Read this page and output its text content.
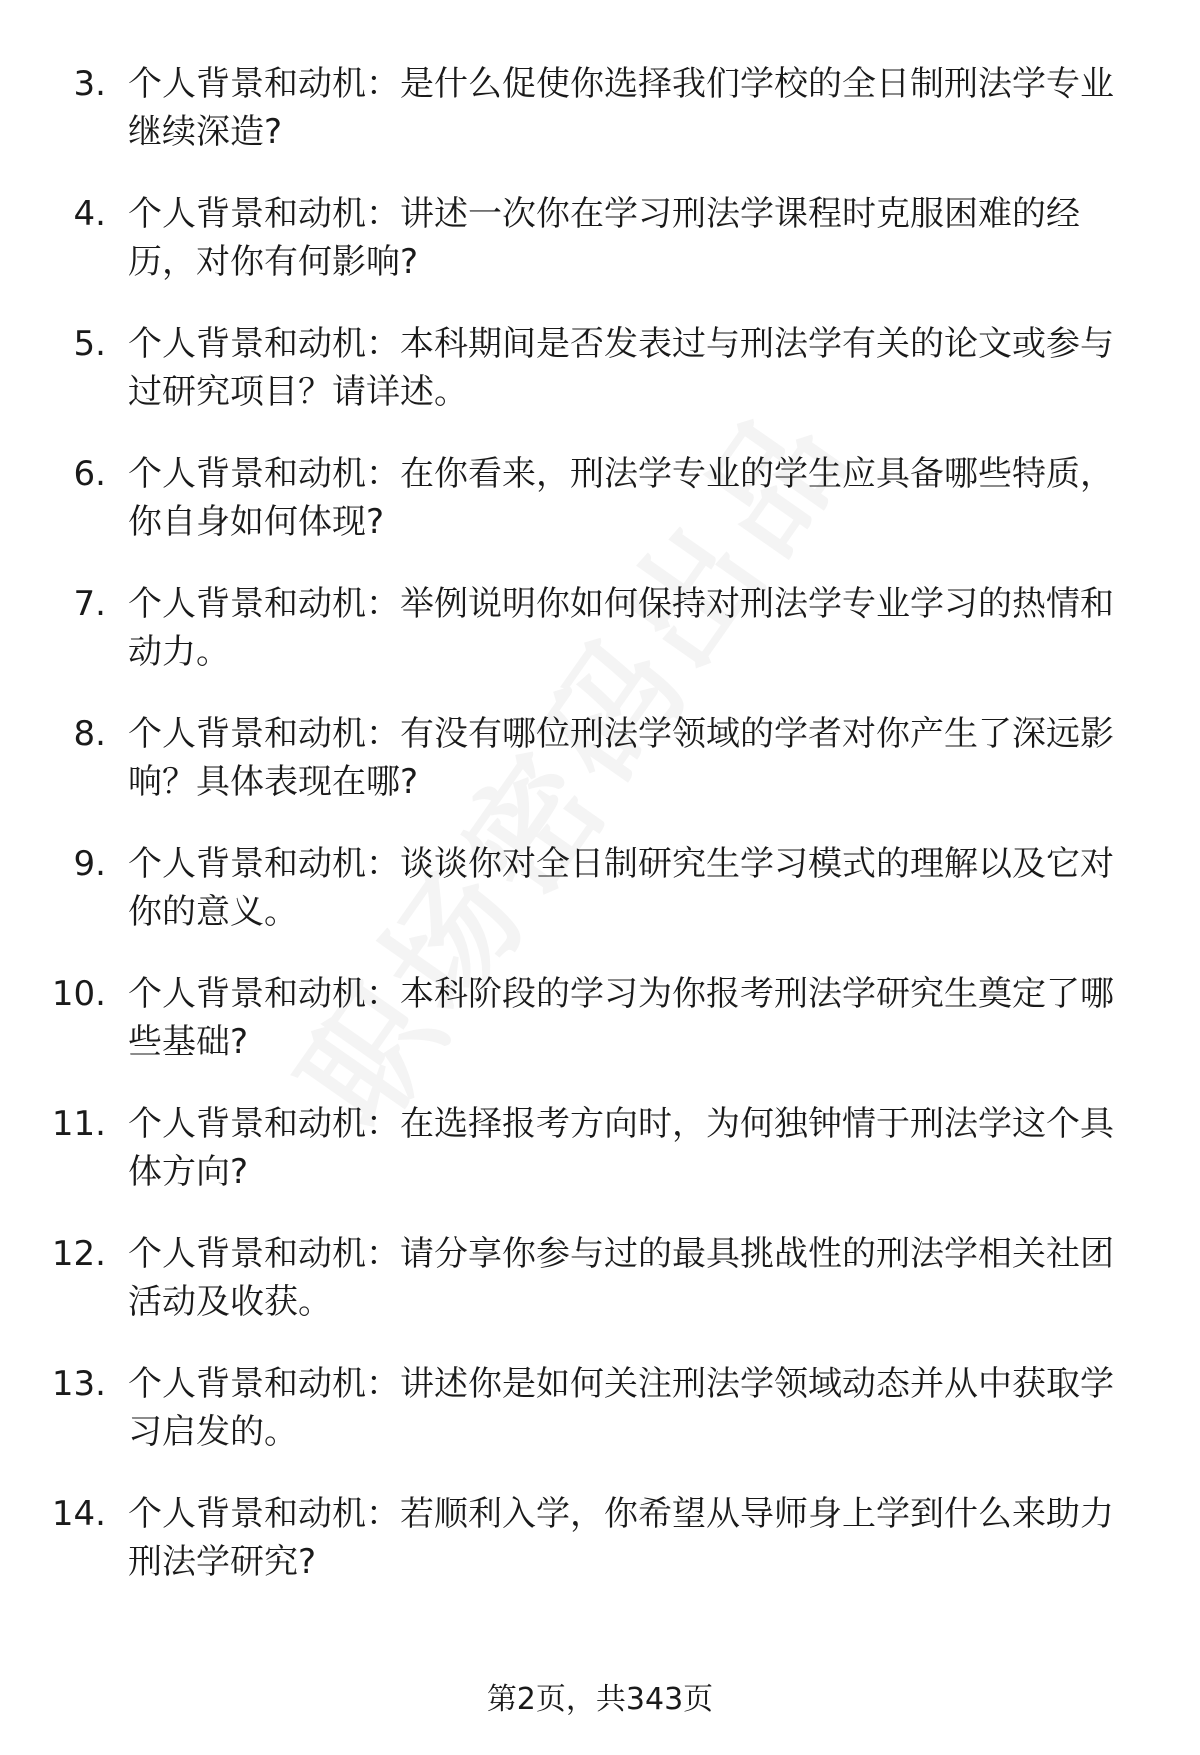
3. 个人背景和动机：是什么促使你选择我们学校的全日制刑法学专业继续深造?
4. 个人背景和动机：讲述一次你在学习刑法学课程时克服困难的经历，对你有何影响?
5. 个人背景和动机：本科期间是否发表过与刑法学有关的论文或参与过研究项目？请详述。
6. 个人背景和动机：在你看来，刑法学专业的学生应具备哪些特质，你自身如何体现?
7. 个人背景和动机：举例说明你如何保持对刑法学专业学习的热情和动力。
8. 个人背景和动机：有没有哪位刑法学领域的学者对你产生了深远影响？具体表现在哪?
9. 个人背景和动机：谈谈你对全日制研究生学习模式的理解以及它对你的意义。
10. 个人背景和动机：本科阶段的学习为你报考刑法学研究生奠定了哪些基础?
11. 个人背景和动机：在选择报考方向时，为何独钟情于刑法学这个具体方向?
12. 个人背景和动机：请分享你参与过的最具挑战性的刑法学相关社团活动及收获。
13. 个人背景和动机：讲述你是如何关注刑法学领域动态并从中获取学习启发的。
14. 个人背景和动机：若顺利入学，你希望从导师身上学到什么来助力刑法学研究?
第2页，共343页
